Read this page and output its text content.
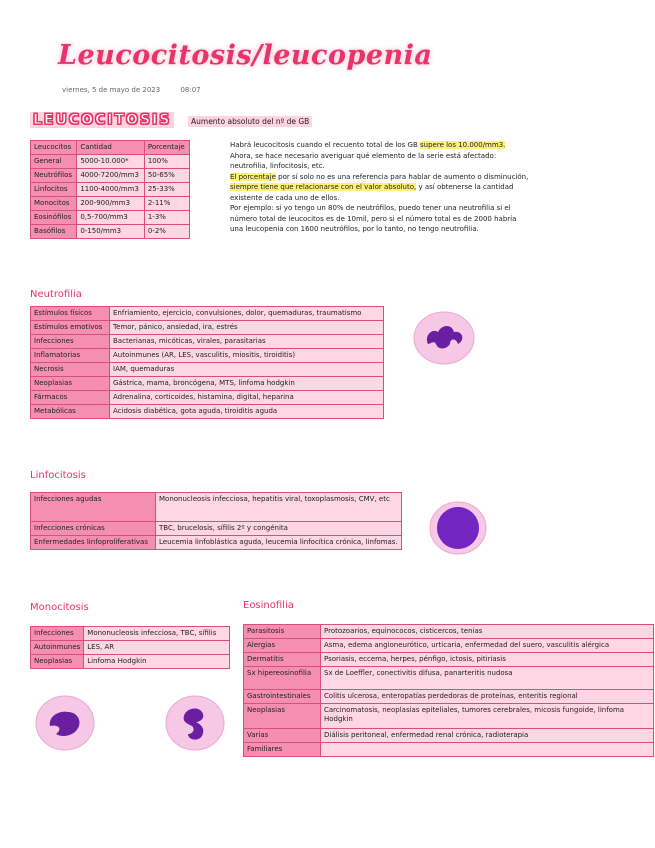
Leucocitosis/leucopenia
viernes, 5 de mayo de 2023	08:07
LEUCOCITOSIS	Aumento absoluto del nº de GB
Leucocitos	Cantidad	Porcentaje
General	5000-10.000*	100%
Neutrófilos	4000-7200/mm3	50-65%
Linfocitos	1100-4000/mm3	25-33%
Monocitos	200-900/mm3	2-11%
Eosinófilos	0,5-700/mm3	1-3%
Basófilos	0-150/mm3	0-2%
Habrá leucocitosis cuando el recuento total de los GB supere los 10.000/mm3. Ahora, se hace necesario averiguar qué elemento de la serie está afectado: neutrofilia, linfocitosis, etc.
El porcentaje por sí solo no es una referencia para hablar de aumento o disminución, siempre tiene que relacionarse con el valor absoluto, y así obtenerse la cantidad existente de cada uno de ellos.
Por ejemplo: si yo tengo un 80% de neutrófilos, puedo tener una neutrofilia si el número total de leucocitos es de 10mil, pero si el número total es de 2000 habría una leucopenia con 1600 neutrófilos, por lo tanto, no tengo neutrofilia.
Neutrofilia
Estímulos físicos	Enfriamiento, ejercicio, convulsiones, dolor, quemaduras, traumatismo
Estímulos emotivos	Temor, pánico, ansiedad, ira, estrés
Infecciones	Bacterianas, micóticas, virales, parasitarias
Inflamatorias	Autoinmunes (AR, LES, vasculitis, miositis, tiroiditis)
Necrosis	IAM, quemaduras
Neoplasias	Gástrica, mama, broncógena, MTS, linfoma hodgkin
Fármacos	Adrenalina, corticoides, histamina, digital, heparina
Metabólicas	Acidosis diabética, gota aguda, tiroiditis aguda
Linfocitosis
Infecciones agudas	Mononucleosis infecciosa, hepatitis viral, toxoplasmosis, CMV, etc
Infecciones crónicas	TBC, brucelosis, sífilis 2º y congénita
Enfermedades linfoproliferativas	Leucemia linfoblástica aguda, leucemia linfocítica crónica, linfomas.
Monocitosis
Infecciones	Mononucleosis infecciosa, TBC, sífilis
Autoinmunes	LES, AR
Neoplasias	Linfoma Hodgkin
Eosinofilia
Parasitosis	Protozoarios, equinococos, cisticercos, tenias
Alergias	Asma, edema angioneurótico, urticaria, enfermedad del suero, vasculitis alérgica
Dermatitis	Psoriasis, eccema, herpes, pénfigo, ictosis, pitiriasis
Sx hipereosinofilia	Sx de Loeffler, conectivitis difusa, panarteritis nudosa
Gastrointestinales	Colitis ulcerosa, enteropatías perdedoras de proteínas, enteritis regional
Neoplasias	Carcinomatosis, neoplasias epiteliales, tumores cerebrales, micosis fungoide, linfoma Hodgkin
Varias	Diálisis peritoneal, enfermedad renal crónica, radioterapia
Familiares	
